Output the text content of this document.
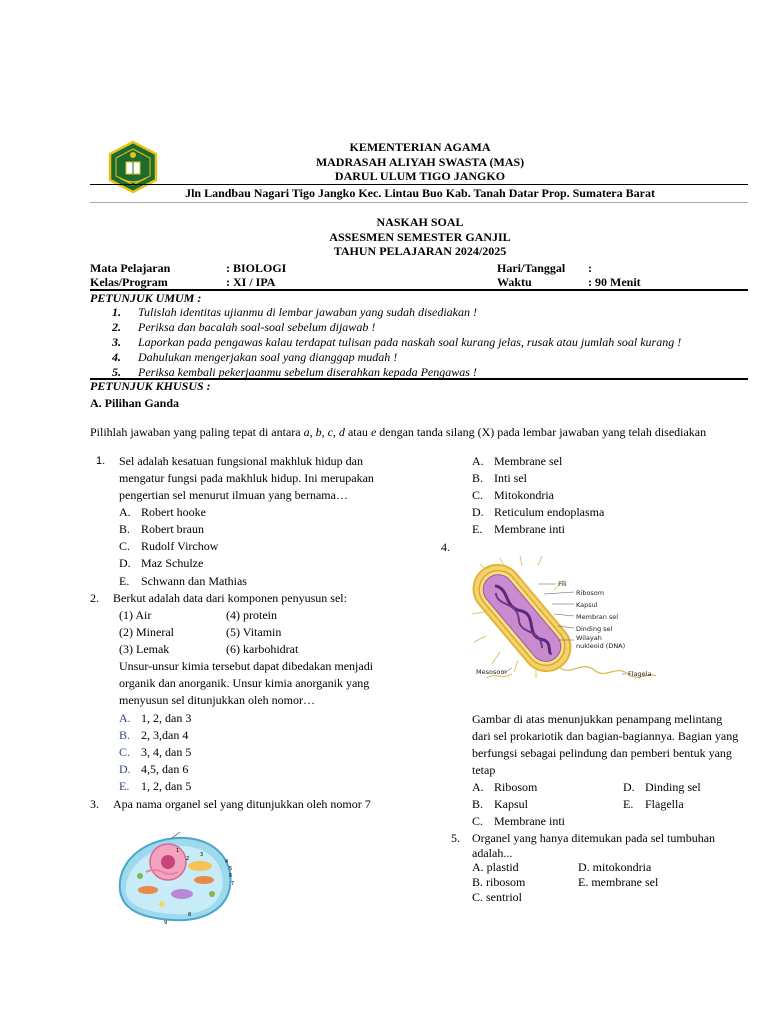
KEMENTERIAN AGAMA
MADRASAH ALIYAH SWASTA (MAS)
DARUL ULUM TIGO JANGKO
Jln Landbau Nagari Tigo Jangko Kec. Lintau Buo Kab. Tanah Datar Prop. Sumatera Barat
NASKAH SOAL
ASSESMEN SEMESTER GANJIL
TAHUN PELAJARAN 2024/2025
Mata Pelajaran	: BIOLOGI	Hari/Tanggal :
Kelas/Program	: XI / IPA	Waktu	: 90 Menit
PETUNJUK UMUM :
1. Tulislah identitas ujianmu di lembar jawaban yang sudah disediakan !
2. Periksa dan bacalah soal-soal sebelum dijawab !
3. Laporkan pada pengawas kalau terdapat tulisan pada naskah soal kurang jelas, rusak atau jumlah soal kurang !
4. Dahulukan mengerjakan soal yang dianggap mudah !
5. Periksa kembali pekerjaanmu sebelum diserahkan kepada Pengawas !
PETUNJUK KHUSUS :
A. Pilihan Ganda
Pilihlah jawaban yang paling tepat di antara a, b, c, d atau e dengan tanda silang (X) pada lembar jawaban yang telah disediakan
1. Sel adalah kesatuan fungsional makhluk hidup dan
mengatur fungsi pada makhluk hidup. Ini merupakan
pengertian sel menurut ilmuan yang bernama…
A. Robert hooke
B. Robert braun
C. Rudolf Virchow
D. Maz Schulze
E. Schwann dan Mathias
2. Berkut adalah data dari komponen penyusun sel:
(1) Air	(4) protein
(2) Mineral	(5) Vitamin
(3) Lemak	(6) karbohidrat
Unsur-unsur kimia tersebut dapat dibedakan menjadi
organik dan anorganik. Unsur kimia anorganik yang
menyusun sel ditunjukkan oleh nomor…
A. 1, 2, dan 3
B. 2, 3,dan 4
C. 3, 4, dan 5
D. 4,5, dan 6
E. 1, 2, dan 5
3. Apa nama organel sel yang ditunjukkan oleh nomor 7
1
2
3
4
5
6
7
8
9
A. Membrane sel
B. Inti sel
C. Mitokondria
D. Reticulum endoplasma
E. Membrane inti
4.
Fili
Ribosom
Kapsul
Membran sel
Dinding sel
Wilayah
nukleoid (DNA)
Mesosom	Flagela
Gambar di atas menunjukkan penampang melintang
dari sel prokariotik dan bagian-bagiannya. Bagian yang
berfungsi sebagai pelindung dan pemberi bentuk yang
tetap
A. Ribosom	D. Dinding sel
B. Kapsul	E. Flagella
C. Membrane inti
5. Organel yang hanya ditemukan pada sel tumbuhan
adalah...
A. plastid	D. mitokondria
B. ribosom	E. membrane sel
C. sentriol
